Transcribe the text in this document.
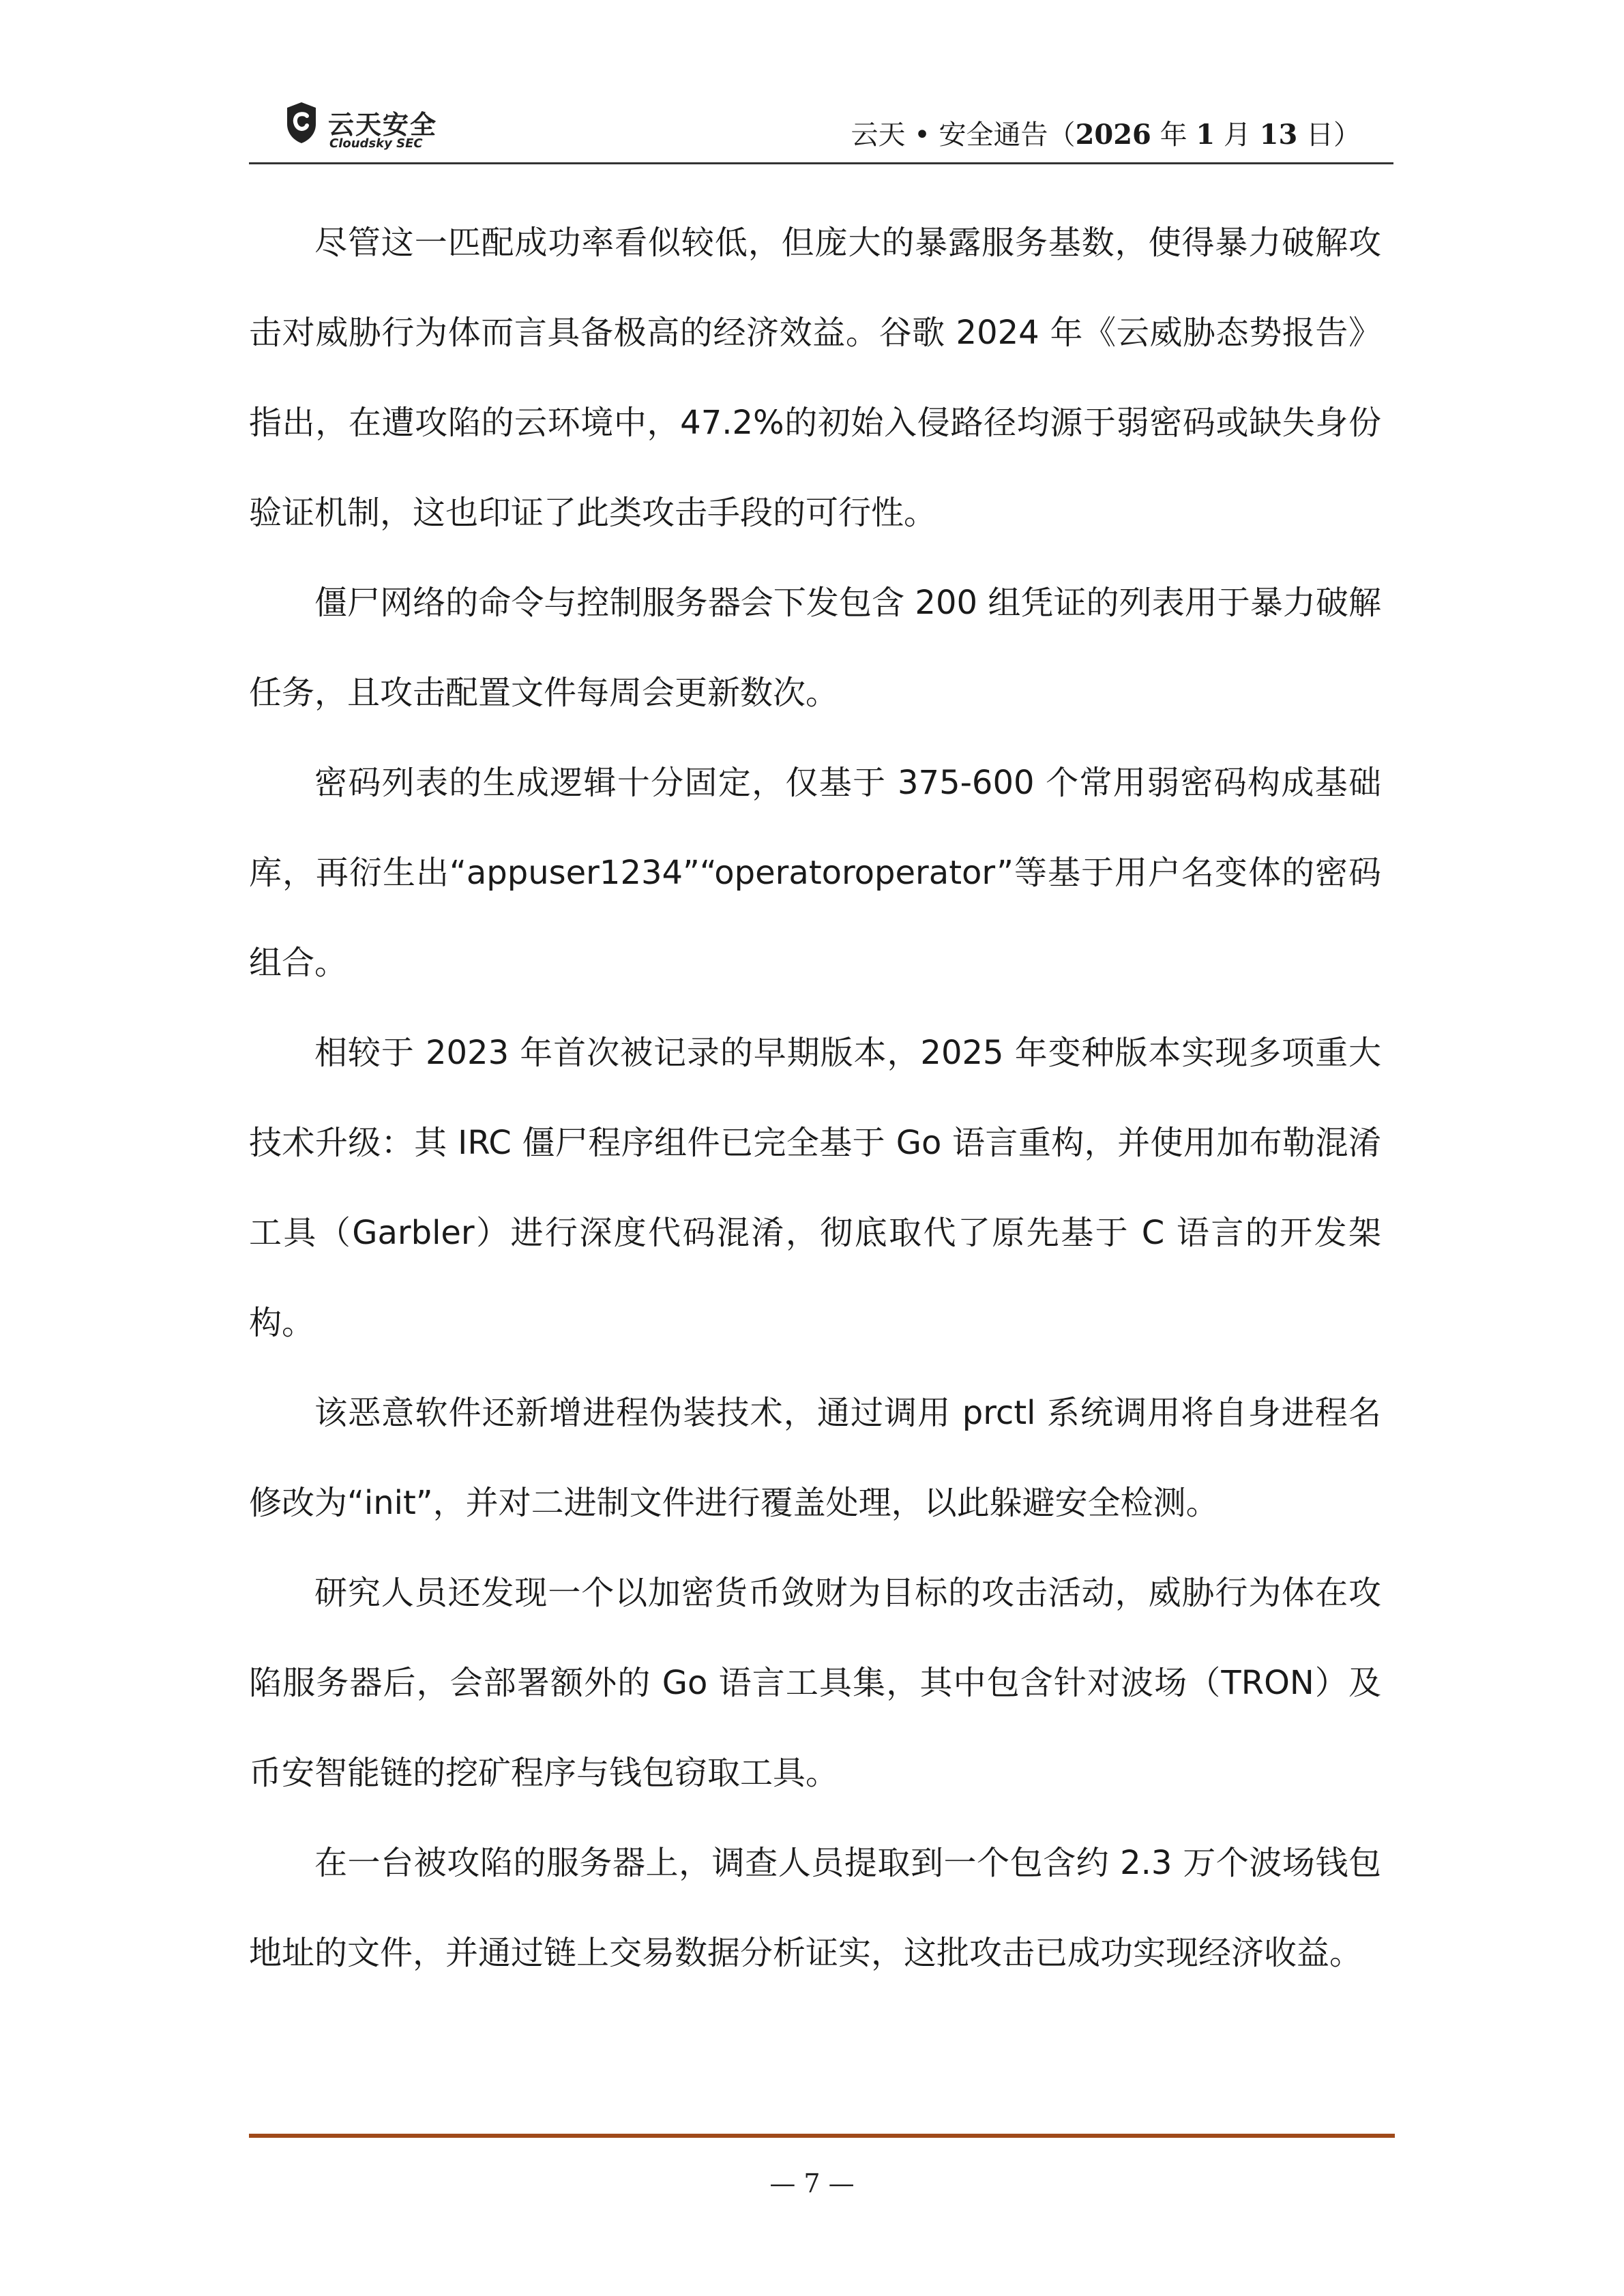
云天安全
Cloudsky SEC	云天 • 安全通告（2026 年 1 月 13 日）

尽管这一匹配成功率看似较低，但庞大的暴露服务基数，使得暴力破解攻击对威胁行为体而言具备极高的经济效益。谷歌 2024 年《云威胁态势报告》指出，在遭攻陷的云环境中，47.2%的初始入侵路径均源于弱密码或缺失身份验证机制，这也印证了此类攻击手段的可行性。

僵尸网络的命令与控制服务器会下发包含 200 组凭证的列表用于暴力破解任务，且攻击配置文件每周会更新数次。

密码列表的生成逻辑十分固定，仅基于 375-600 个常用弱密码构成基础库，再衍生出“appuser1234”“operatoroperator”等基于用户名变体的密码组合。

相较于 2023 年首次被记录的早期版本，2025 年变种版本实现多项重大技术升级：其 IRC 僵尸程序组件已完全基于 Go 语言重构，并使用加布勒混淆工具（Garbler）进行深度代码混淆，彻底取代了原先基于 C 语言的开发架构。

该恶意软件还新增进程伪装技术，通过调用 prctl 系统调用将自身进程名修改为“init”，并对二进制文件进行覆盖处理，以此躲避安全检测。

研究人员还发现一个以加密货币敛财为目标的攻击活动，威胁行为体在攻陷服务器后，会部署额外的 Go 语言工具集，其中包含针对波场（TRON）及币安智能链的挖矿程序与钱包窃取工具。

在一台被攻陷的服务器上，调查人员提取到一个包含约 2.3 万个波场钱包地址的文件，并通过链上交易数据分析证实，这批攻击已成功实现经济收益。

— 7 —
